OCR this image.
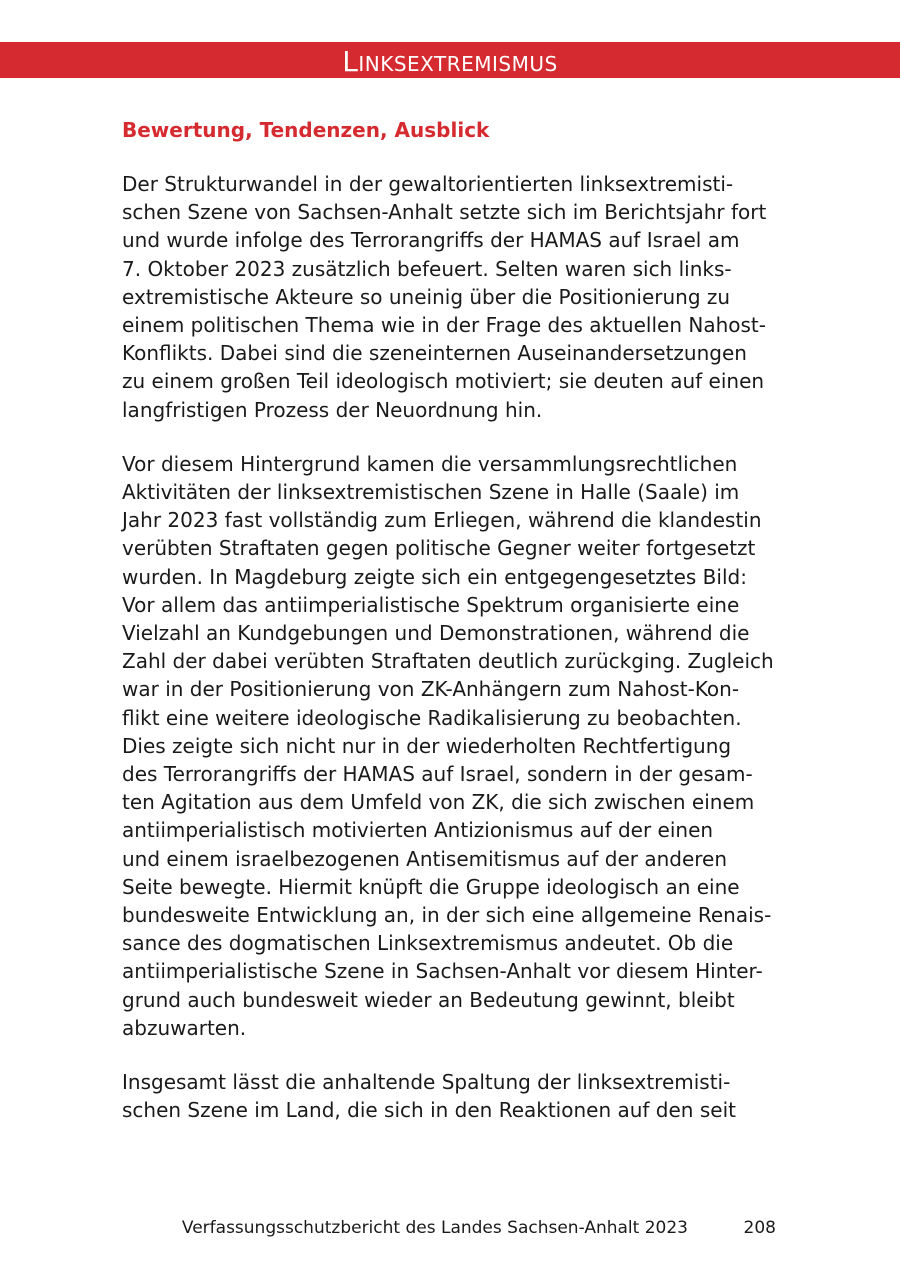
Linksextremismus
Bewertung, Tendenzen, Ausblick
Der Strukturwandel in der gewaltorientierten linksextremisti-
schen Szene von Sachsen-Anhalt setzte sich im Berichtsjahr fort
und wurde infolge des Terrorangriffs der HAMAS auf Israel am
7. Oktober 2023 zusätzlich befeuert. Selten waren sich links-
extremistische Akteure so uneinig über die Positionierung zu
einem politischen Thema wie in der Frage des aktuellen Nahost-
Konflikts. Dabei sind die szeneinternen Auseinandersetzungen
zu einem großen Teil ideologisch motiviert; sie deuten auf einen
langfristigen Prozess der Neuordnung hin.
Vor diesem Hintergrund kamen die versammlungsrechtlichen
Aktivitäten der linksextremistischen Szene in Halle (Saale) im
Jahr 2023 fast vollständig zum Erliegen, während die klandestin
verübten Straftaten gegen politische Gegner weiter fortgesetzt
wurden. In Magdeburg zeigte sich ein entgegengesetztes Bild:
Vor allem das antiimperialistische Spektrum organisierte eine
Vielzahl an Kundgebungen und Demonstrationen, während die
Zahl der dabei verübten Straftaten deutlich zurückging. Zugleich
war in der Positionierung von ZK-Anhängern zum Nahost-Kon-
flikt eine weitere ideologische Radikalisierung zu beobachten.
Dies zeigte sich nicht nur in der wiederholten Rechtfertigung
des Terrorangriffs der HAMAS auf Israel, sondern in der gesam-
ten Agitation aus dem Umfeld von ZK, die sich zwischen einem
antiimperialistisch motivierten Antizionismus auf der einen
und einem israelbezogenen Antisemitismus auf der anderen
Seite bewegte. Hiermit knüpft die Gruppe ideologisch an eine
bundesweite Entwicklung an, in der sich eine allgemeine Renais-
sance des dogmatischen Linksextremismus andeutet. Ob die
antiimperialistische Szene in Sachsen-Anhalt vor diesem Hinter-
grund auch bundesweit wieder an Bedeutung gewinnt, bleibt
abzuwarten.
Insgesamt lässt die anhaltende Spaltung der linksextremisti-
schen Szene im Land, die sich in den Reaktionen auf den seit
Verfassungsschutzbericht des Landes Sachsen-Anhalt 2023	208
